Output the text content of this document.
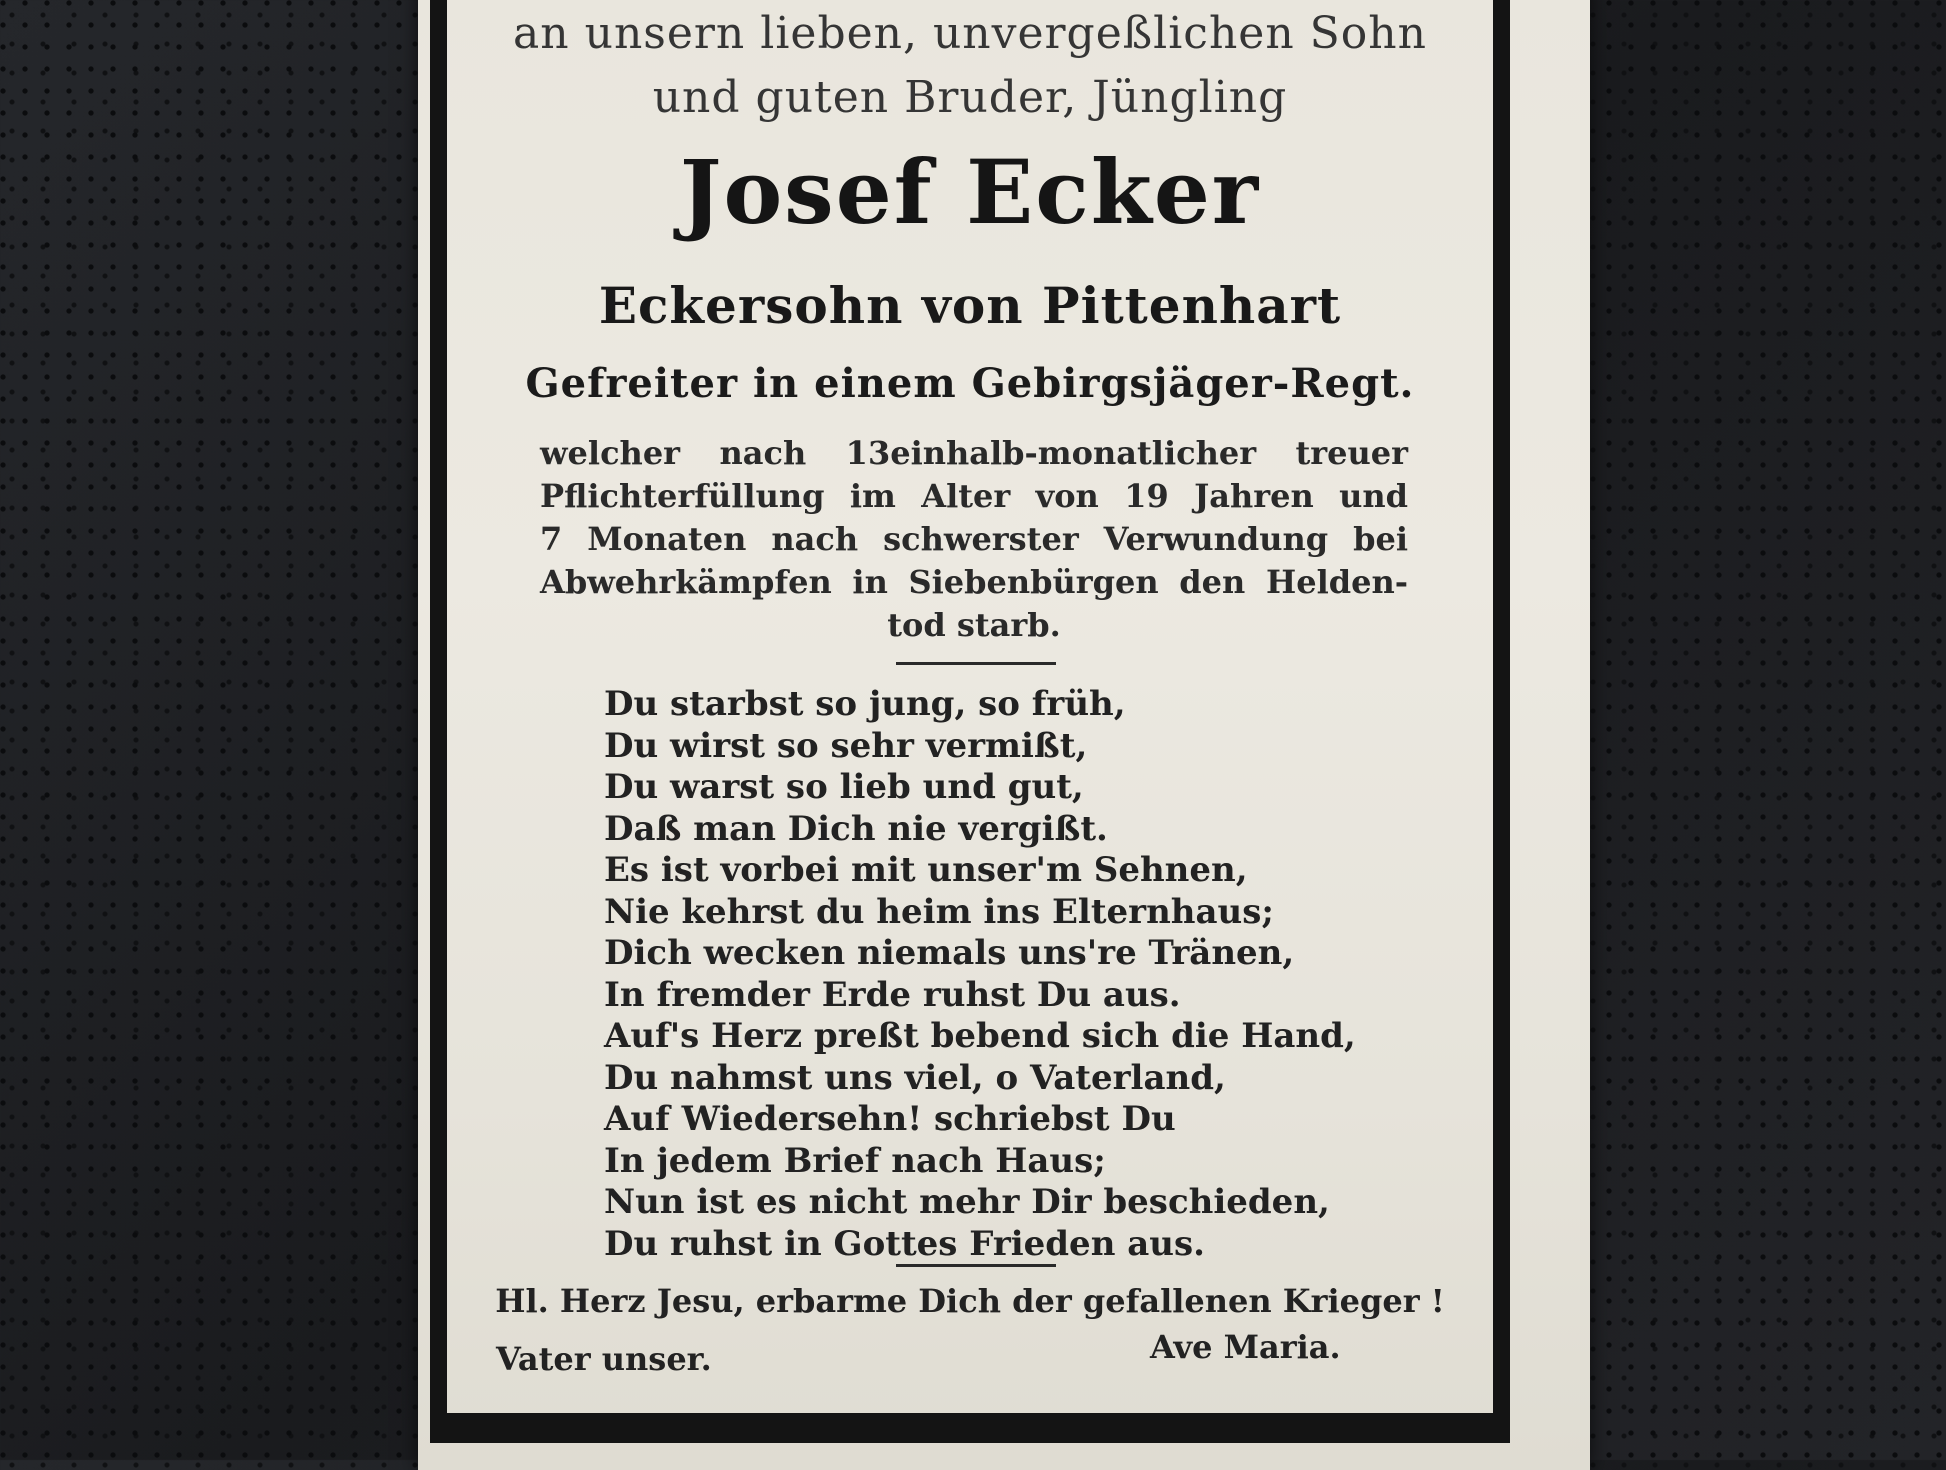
an unsern lieben, unvergeßlichen Sohn
und guten Bruder, Jüngling
Josef Ecker
Eckersohn von Pittenhart
Gefreiter in einem Gebirgsjäger-Regt.
welcher nach 13einhalb-monatlicher treuer
Pflichterfüllung im Alter von 19 Jahren und
7 Monaten nach schwerster Verwundung bei
Abwehrkämpfen in Siebenbürgen den Helden-
tod starb.
Du starbst so jung, so früh,
Du wirst so sehr vermißt,
Du warst so lieb und gut,
Daß man Dich nie vergißt.
Es ist vorbei mit unser'm Sehnen,
Nie kehrst du heim ins Elternhaus;
Dich wecken niemals uns're Tränen,
In fremder Erde ruhst Du aus.
Auf's Herz preßt bebend sich die Hand,
Du nahmst uns viel, o Vaterland,
Auf Wiedersehn! schriebst Du
In jedem Brief nach Haus;
Nun ist es nicht mehr Dir beschieden,
Du ruhst in Gottes Frieden aus.
Hl. Herz Jesu, erbarme Dich der gefallenen Krieger !
Vater unser.	Ave Maria.
